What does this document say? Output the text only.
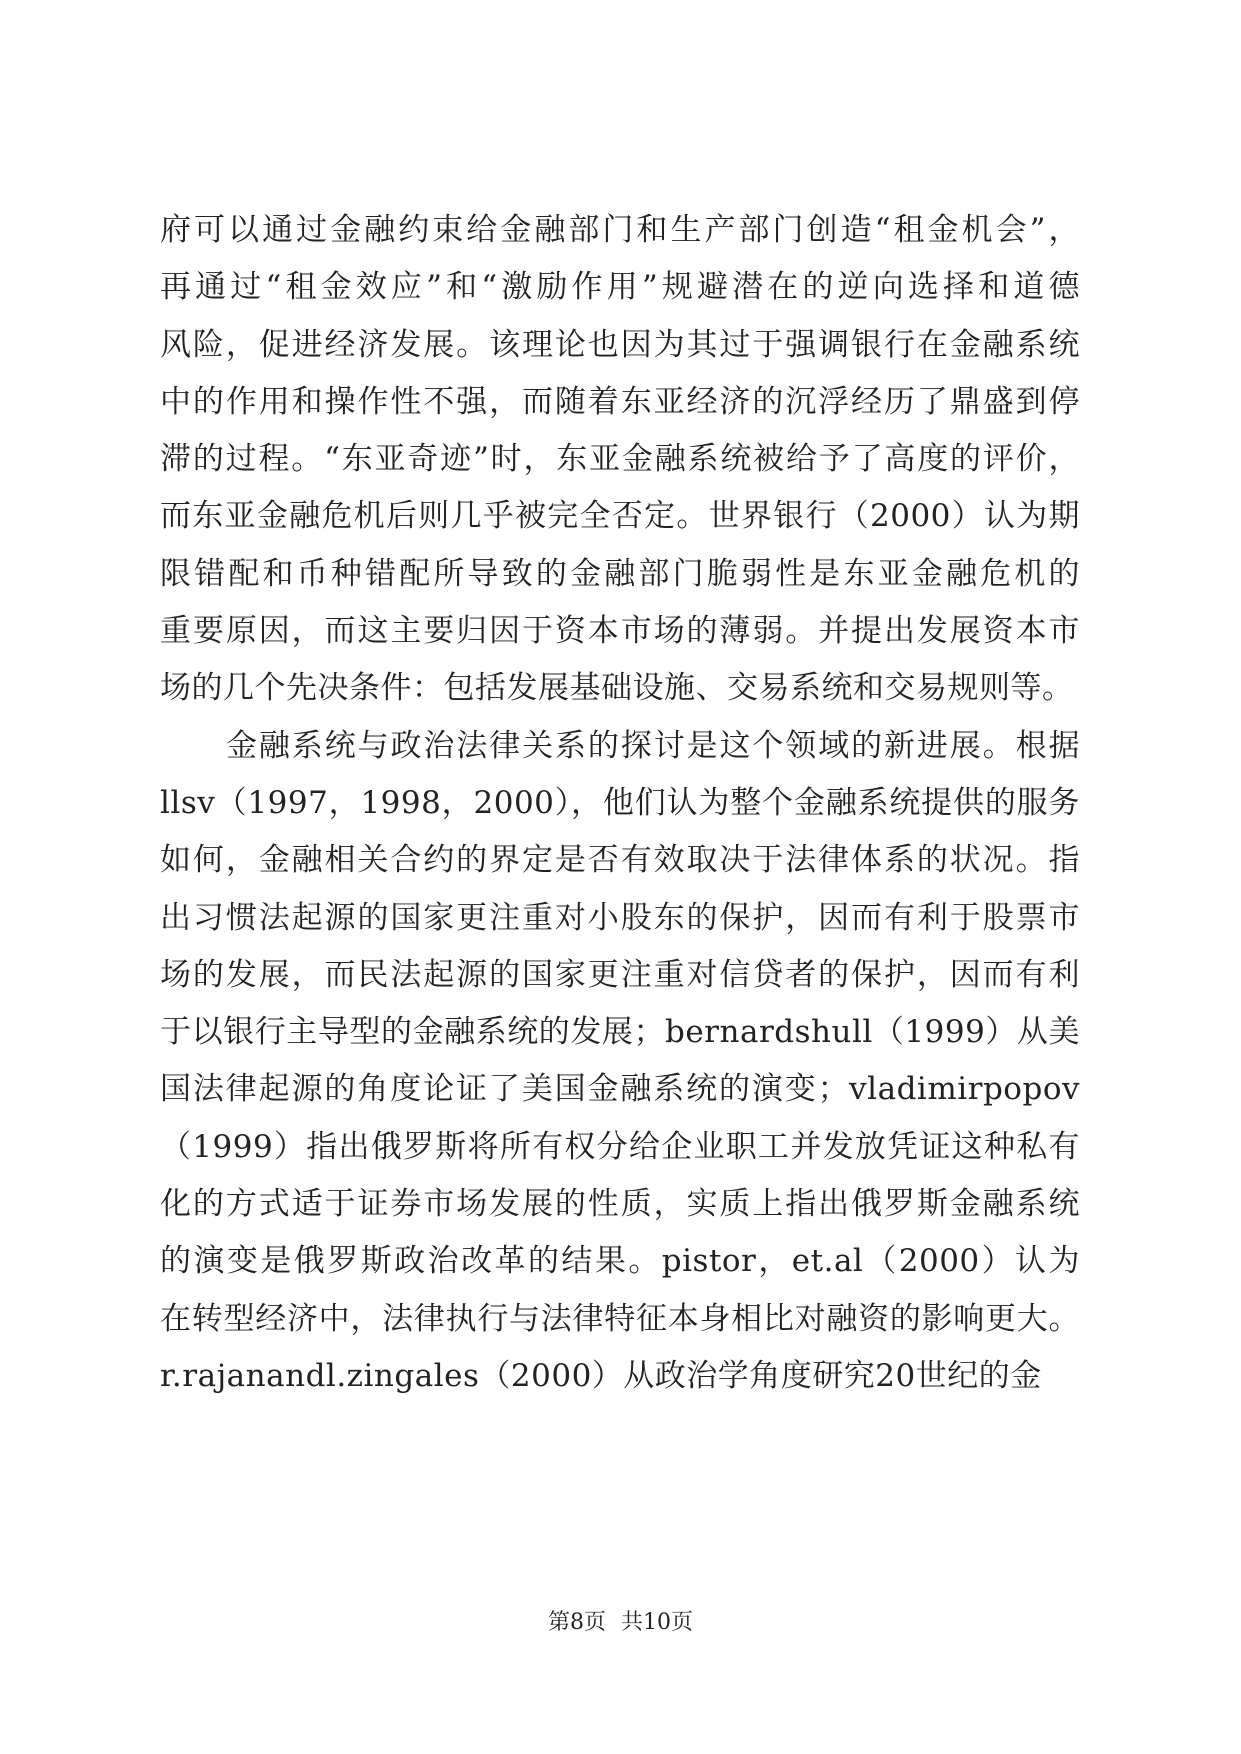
府可以通过金融约束给金融部门和生产部门创造“租金机会”，
再通过“租金效应”和“激励作用”规避潜在的逆向选择和道德
风险，促进经济发展。该理论也因为其过于强调银行在金融系统
中的作用和操作性不强，而随着东亚经济的沉浮经历了鼎盛到停
滞的过程。“东亚奇迹”时，东亚金融系统被给予了高度的评价，
而东亚金融危机后则几乎被完全否定。世界银行（2000）认为期
限错配和币种错配所导致的金融部门脆弱性是东亚金融危机的
重要原因，而这主要归因于资本市场的薄弱。并提出发展资本市
场的几个先决条件：包括发展基础设施、交易系统和交易规则等。
金融系统与政治法律关系的探讨是这个领域的新进展。根据
llsv（1997，1998，2000），他们认为整个金融系统提供的服务
如何，金融相关合约的界定是否有效取决于法律体系的状况。指
出习惯法起源的国家更注重对小股东的保护，因而有利于股票市
场的发展，而民法起源的国家更注重对信贷者的保护，因而有利
于以银行主导型的金融系统的发展；bernardshull（1999）从美
国法律起源的角度论证了美国金融系统的演变；vladimirpopov
（1999）指出俄罗斯将所有权分给企业职工并发放凭证这种私有
化的方式适于证券市场发展的性质，实质上指出俄罗斯金融系统
的演变是俄罗斯政治改革的结果。pistor，et.al（2000）认为
在转型经济中，法律执行与法律特征本身相比对融资的影响更大。
r.rajanandl.zingales（2000）从政治学角度研究20世纪的金
第8页 共10页
